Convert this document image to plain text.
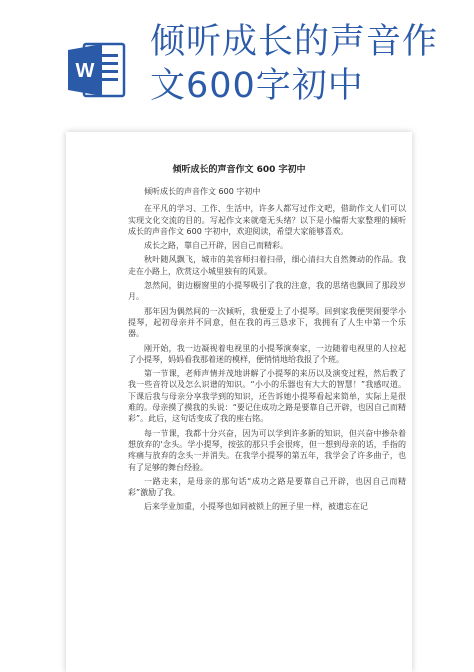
W
倾听成长的声音作
文600字初中
倾听成长的声音作文 600 字初中

倾听成长的声音作文 600 字初中

在平凡的学习、工作、生活中，许多人都写过作文吧，借助作文人们可以实现文化交流的目的。写起作文来就毫无头绪？以下是小编帮大家整理的倾听成长的声音作文 600 字初中，欢迎阅读，希望大家能够喜欢。

成长之路，靠自己开辟，因自己而精彩。

秋叶随风飘飞，城市的美容师扫着扫帚，细心清扫大自然舞动的作品。我走在小路上，欣赏这小城里独有的风景。

忽然间，街边橱窗里的小提琴吸引了我的注意，我的思绪也飘回了那段岁月。

那年因为偶然间的一次倾听，我便爱上了小提琴。回到家我便哭闹要学小提琴，起初母亲并不同意，但在我的再三恳求下，我拥有了人生中第一个乐器。

刚开始，我一边凝视着电视里的小提琴演奏家，一边随着电视里的人拉起了小提琴，妈妈看我那着迷的模样，便悄悄地给我报了个班。

第一节课，老师声情并茂地讲解了小提琴的来历以及演变过程，然后教了我一些音符以及怎么识谱的知识。“小小的乐器也有大大的智慧！”我感叹道。下课后我与母亲分享我学到的知识，还告诉她小提琴看起来简单，实际上是很难的。母亲摸了摸我的头说：“要记住成功之路是要靠自己开辟，也因自己而精彩”。此后，这句话变成了我的座右铭。

每一节课，我都十分兴奋，因为可以学到许多新的知识，但兴奋中掺杂着想放弃的‘念头。学小提琴，按弦的那只手会很疼，但一想到母亲的话，手指的疼痛与放弃的念头一并消失。在我学小提琴的第五年，我学会了许多曲子，也有了足够的舞台经验。

一路走来，是母亲的那句话“成功之路是要靠自己开辟，也因自己而精彩”激励了我。

后来学业加重，小提琴也如同被锁上的匣子里一样，被遗忘在记
